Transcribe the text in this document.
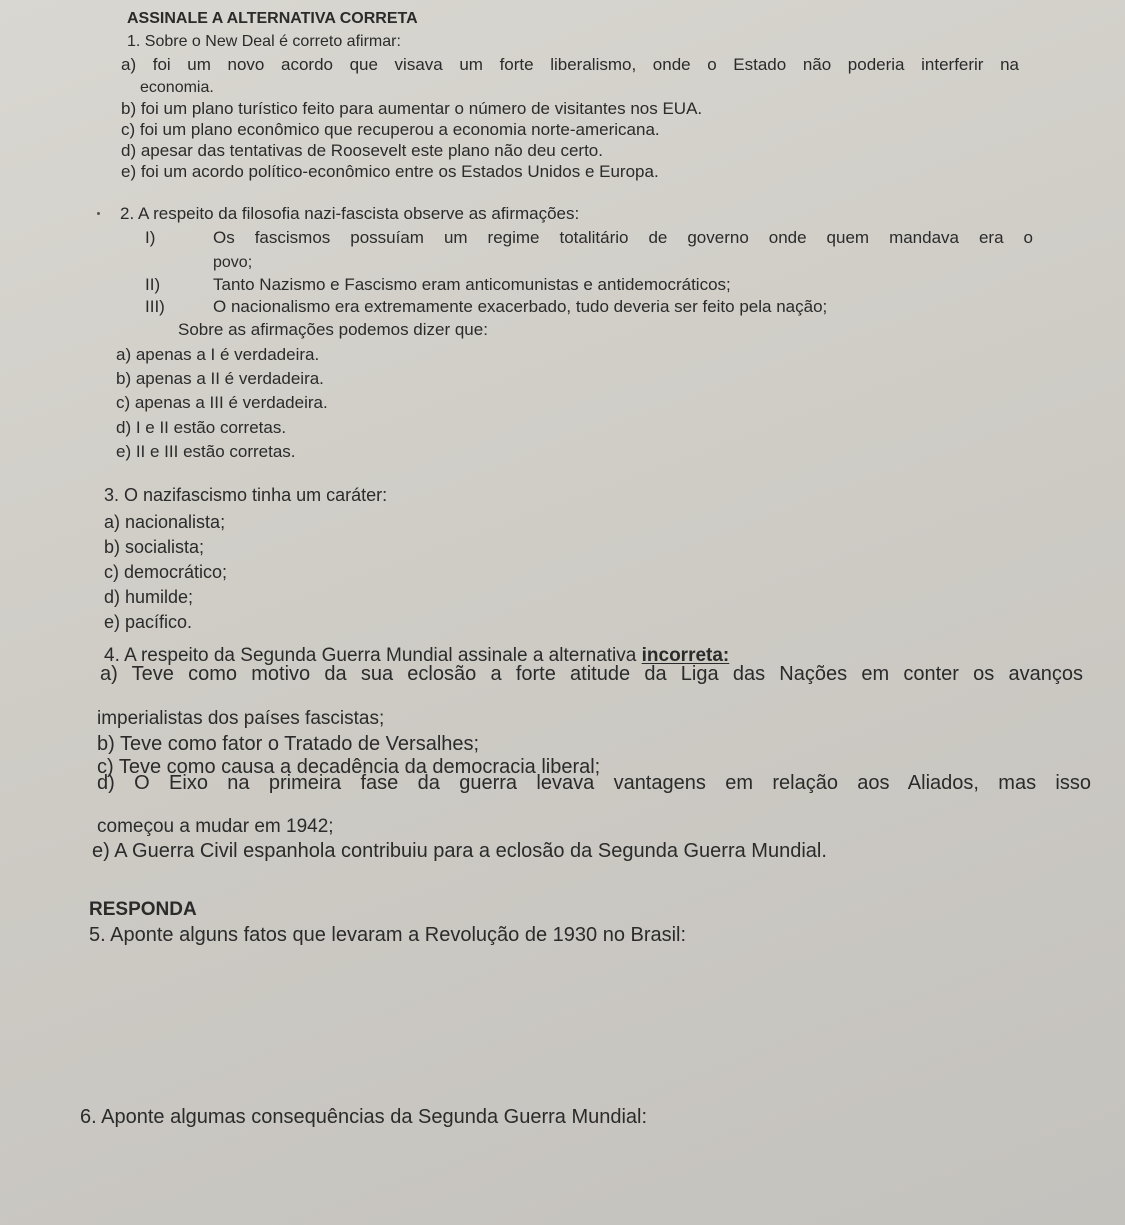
ASSINALE A ALTERNATIVA CORRETA

1. Sobre o New Deal é correto afirmar:

a) foi um novo acordo que visava um forte liberalismo, onde o Estado não poderia interferir na

economia.

b) foi um plano turístico feito para aumentar o número de visitantes nos EUA.

c) foi um plano econômico que recuperou a economia norte-americana.

d) apesar das tentativas de Roosevelt este plano não deu certo.

e) foi um acordo político-econômico entre os Estados Unidos e Europa.

2. A respeito da filosofia nazi-fascista observe as afirmações:

I)	Os fascismos possuíam um regime totalitário de governo onde quem mandava era o

povo;

II)	Tanto Nazismo e Fascismo eram anticomunistas e antidemocráticos;

III)	O nacionalismo era extremamente exacerbado, tudo deveria ser feito pela nação;

Sobre as afirmações podemos dizer que:

a) apenas a I é verdadeira.

b) apenas a II é verdadeira.

c) apenas a III é verdadeira.

d) I e II estão corretas.

e) II e III estão corretas.

3. O nazifascismo tinha um caráter:

a) nacionalista;

b) socialista;

c) democrático;

d) humilde;

e) pacífico.

4. A respeito da Segunda Guerra Mundial assinale a alternativa incorreta:

a) Teve como motivo da sua eclosão a forte atitude da Liga das Nações em conter os avanços

imperialistas dos países fascistas;

b) Teve como fator o Tratado de Versalhes;

c) Teve como causa a decadência da democracia liberal;

d) O Eixo na primeira fase da guerra levava vantagens em relação aos Aliados, mas isso

começou a mudar em 1942;

e) A Guerra Civil espanhola contribuiu para a eclosão da Segunda Guerra Mundial.

RESPONDA

5. Aponte alguns fatos que levaram a Revolução de 1930 no Brasil:

6. Aponte algumas consequências da Segunda Guerra Mundial:
